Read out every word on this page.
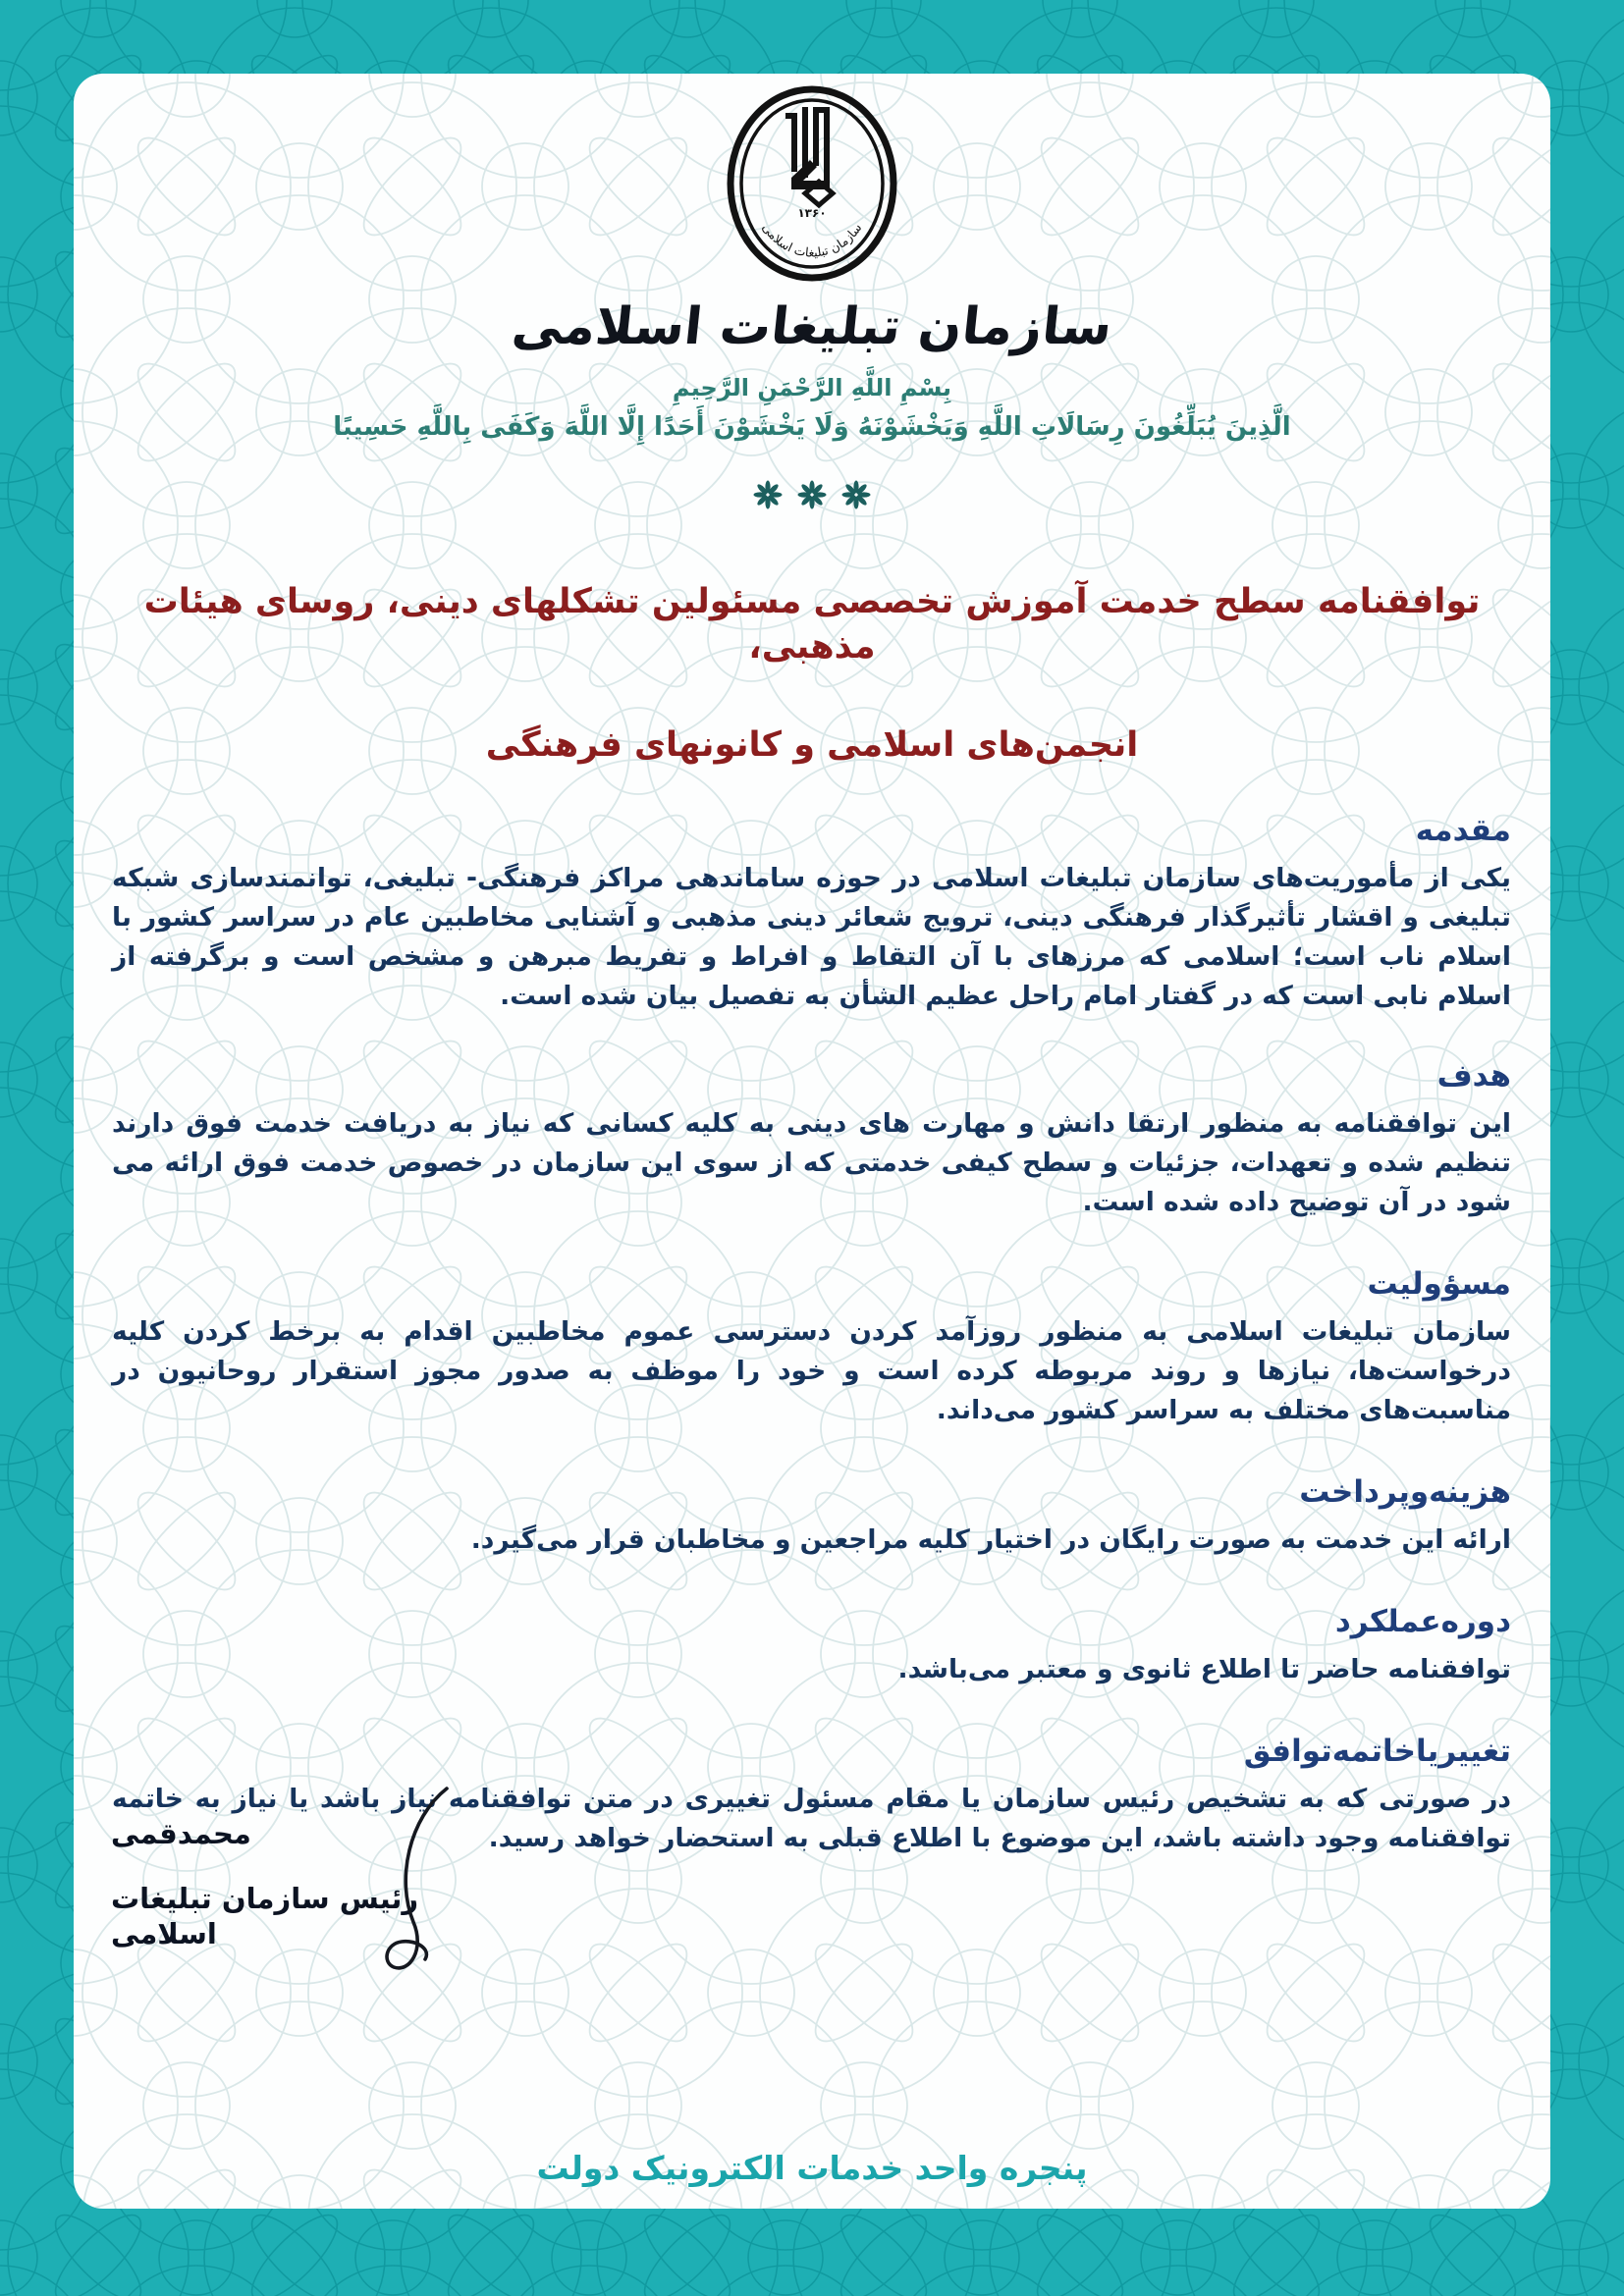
۱۳۶۰
سازمان تبلیغات اسلامی
سازمان تبلیغات اسلامی
بِسْمِ اللَّهِ الرَّحْمَنِ الرَّحِيمِ
الَّذِينَ يُبَلِّغُونَ رِسَالَاتِ اللَّهِ وَيَخْشَوْنَهُ وَلَا يَخْشَوْنَ أَحَدًا إِلَّا اللَّهَ وَكَفَى بِاللَّهِ حَسِيبًا
توافقنامه سطح خدمت آموزش تخصصی مسئولین تشکلهای دینی، روسای هیئات مذهبی،
انجمن‌های اسلامی و کانونهای فرهنگی
مقدمه

یکی از مأموریت‌های سازمان تبلیغات اسلامی در حوزه ساماندهی مراکز فرهنگی- تبلیغی، توانمندسازی شبکه تبلیغی و اقشار تأثیرگذار فرهنگی دینی، ترویج شعائر دینی مذهبی و آشنایی مخاطبین عام در سراسر کشور با اسلام ناب است؛ اسلامی که مرزهای با آن التقاط و افراط و تفریط مبرهن و مشخص است و برگرفته از اسلام نابی است که در گفتار امام راحل عظیم الشأن به تفصیل بیان شده است.

هدف

این توافقنامه به منظور ارتقا دانش و مهارت های دینی به کلیه کسانی که نیاز به دریافت خدمت فوق دارند تنظیم شده و تعهدات، جزئیات و سطح کیفی خدمتی که از سوی این سازمان در خصوص خدمت فوق ارائه می شود در آن توضیح داده شده است.

مسؤولیت

سازمان تبلیغات اسلامی به منظور روزآمد کردن دسترسی عموم مخاطبین اقدام به برخط کردن کلیه درخواست‌ها، نیازها و روند مربوطه کرده است و خود را موظف به صدور مجوز استقرار روحانیون در مناسبت‌های مختلف به سراسر کشور می‌داند.

هزینه‌وپرداخت

ارائه این خدمت به صورت رایگان در اختیار کلیه مراجعین و مخاطبان قرار می‌گیرد.

دوره‌عملکرد

توافقنامه حاضر تا اطلاع ثانوی و معتبر می‌باشد.

تغییریاخاتمه‌توافق

در صورتی که به تشخیص رئیس سازمان یا مقام مسئول تغییری در متن توافقنامه نیاز باشد یا نیاز به خاتمه توافقنامه وجود داشته باشد، این موضوع با اطلاع قبلی به استحضار خواهد رسید.

محمدقمی
رئیس سازمان تبلیغات اسلامی
پنجره واحد خدمات الکترونیک دولت
